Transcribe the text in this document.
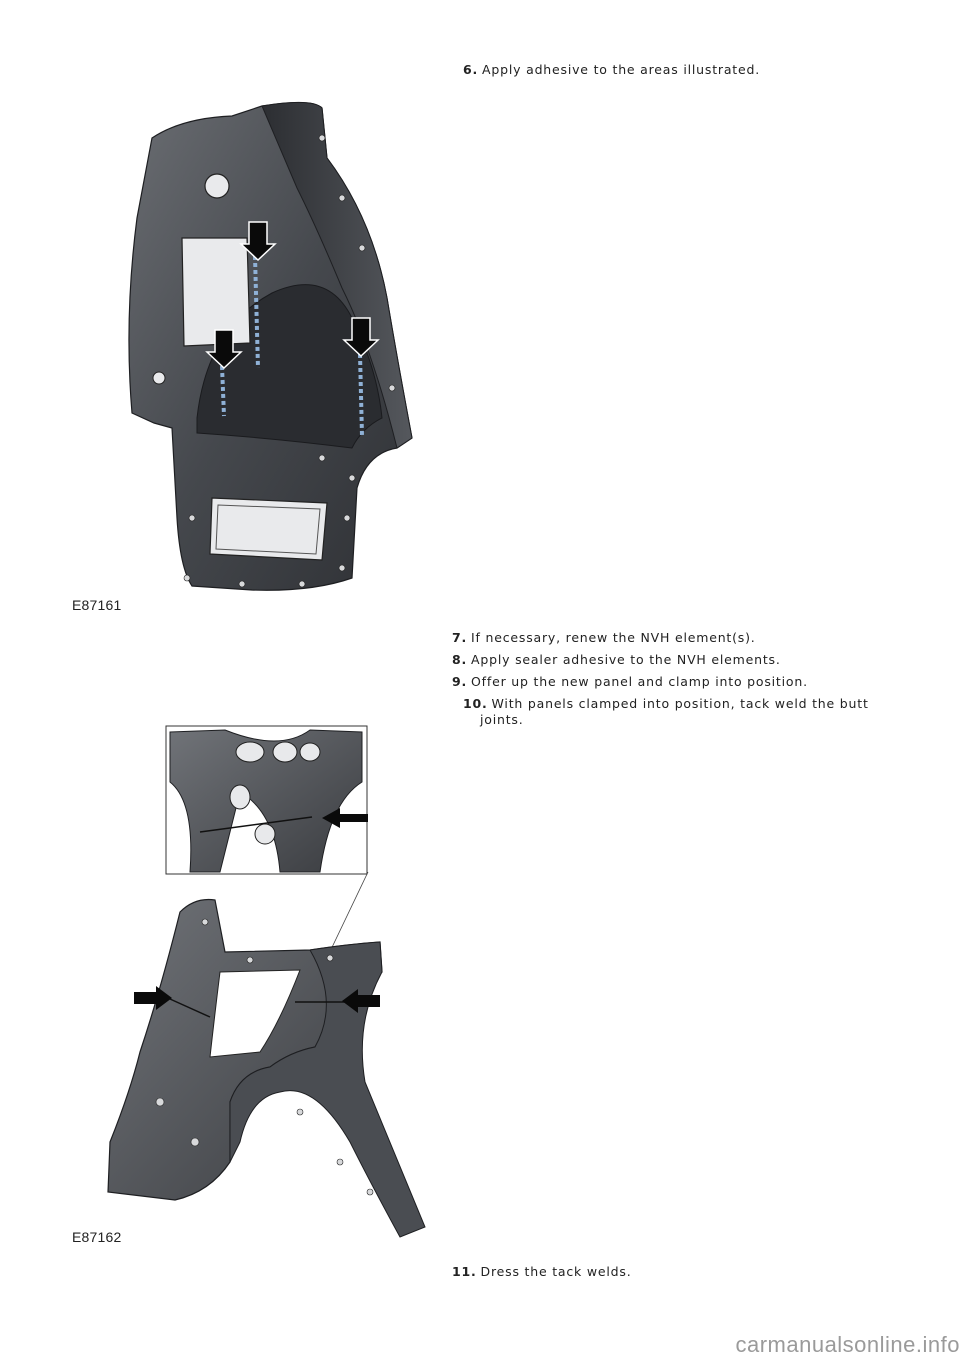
6. Apply adhesive to the areas illustrated.
E87161
7. If necessary, renew the NVH element(s).
8. Apply sealer adhesive to the NVH elements.
9. Offer up the new panel and clamp into position.
10. With panels clamped into position, tack weld the butt
joints.
E87162
11. Dress the tack welds.
carmanualsonline.info
